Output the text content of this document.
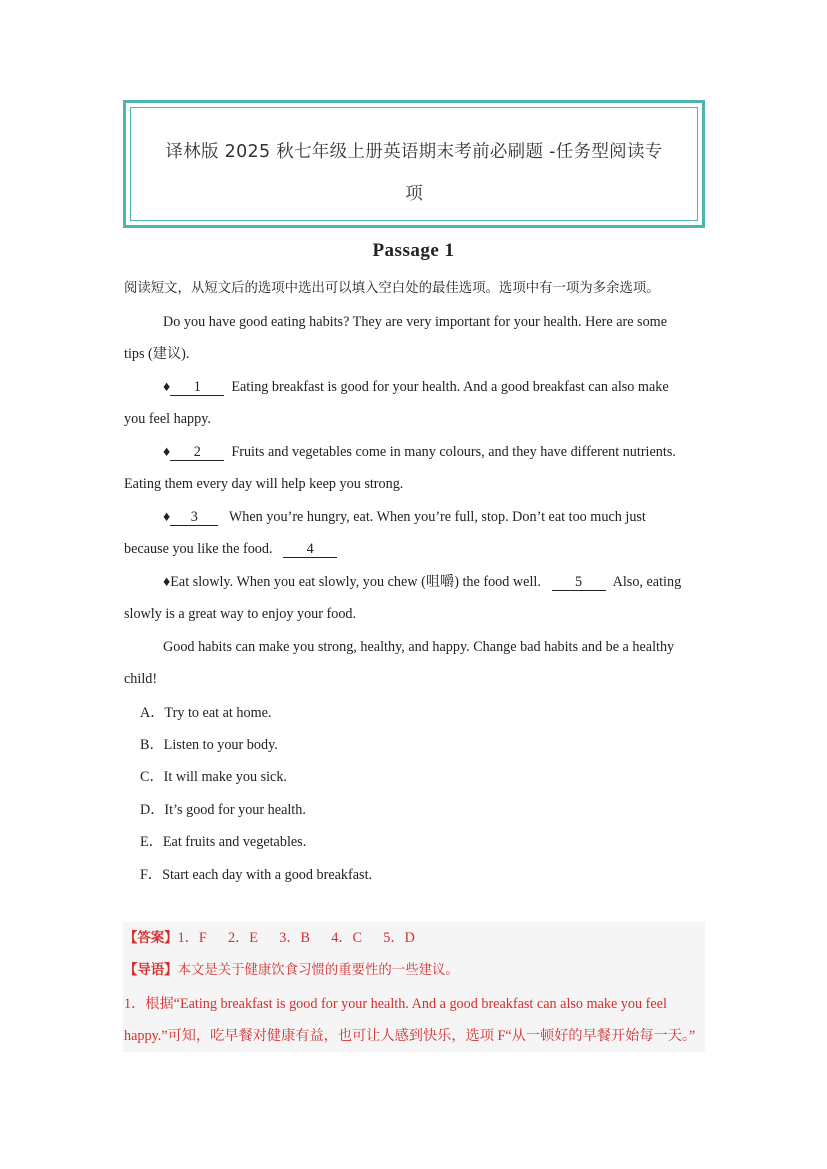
译林版 2025 秋七年级上册英语期末考前必刷题 -任务型阅读专
项
Passage 1
阅读短文，从短文后的选项中选出可以填入空白处的最佳选项。选项中有一项为多余选项。
Do you have good eating habits? They are very important for your health. Here are some
tips (建议).
♦ 1 Eating breakfast is good for your health. And a good breakfast can also make
you feel happy.
♦ 2 Fruits and vegetables come in many colours, and they have different nutrients.
Eating them every day will help keep you strong.
♦ 3 When you’re hungry, eat. When you’re full, stop. Don’t eat too much just
because you like the food. 4
♦Eat slowly. When you eat slowly, you chew (咀嚼) the food well. 5 Also, eating
slowly is a great way to enjoy your food.
Good habits can make you strong, healthy, and happy. Change bad habits and be a healthy
child!
A．Try to eat at home.
B．Listen to your body.
C．It will make you sick.
D．It’s good for your health.
E．Eat fruits and vegetables.
F．Start each day with a good breakfast.
【答案】1．F      2．E      3．B      4．C      5．D
【导语】本文是关于健康饮食习惯的重要性的一些建议。
1．根据“Eating breakfast is good for your health. And a good breakfast can also make you feel
happy.”可知，吃早餐对健康有益，也可让人感到快乐，选项 F“从一顿好的早餐开始每一天。”
